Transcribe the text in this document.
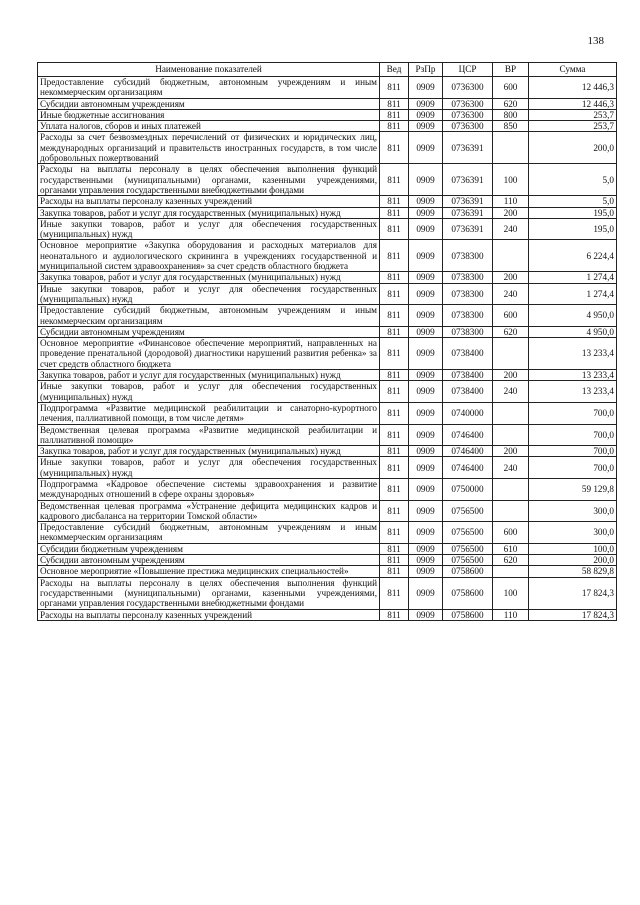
138
Наименование показателей	Вед	РзПр	ЦСР	ВР	Сумма
Предоставление субсидий бюджетным, автономным учреждениям и иным некоммерческим организациям	811	0909	0736300	600	12 446,3
Субсидии автономным учреждениям	811	0909	0736300	620	12 446,3
Иные бюджетные ассигнования	811	0909	0736300	800	253,7
Уплата налогов, сборов и иных платежей	811	0909	0736300	850	253,7
Расходы за счет безвозмездных перечислений от физических и юридических лиц, международных организаций и правительств иностранных государств, в том числе добровольных пожертвований	811	0909	0736391		200,0
Расходы на выплаты персоналу в целях обеспечения выполнения функций государственными (муниципальными) органами, казенными учреждениями, органами управления государственными внебюджетными фондами	811	0909	0736391	100	5,0
Расходы на выплаты персоналу казенных учреждений	811	0909	0736391	110	5,0
Закупка товаров, работ и услуг для государственных (муниципальных) нужд	811	0909	0736391	200	195,0
Иные закупки товаров, работ и услуг для обеспечения государственных (муниципальных) нужд	811	0909	0736391	240	195,0
Основное мероприятие «Закупка оборудования и расходных материалов для неонатального и аудиологического скрининга в учреждениях государственной и муниципальной систем здравоохранения» за счет средств областного бюджета	811	0909	0738300		6 224,4
Закупка товаров, работ и услуг для государственных (муниципальных) нужд	811	0909	0738300	200	1 274,4
Иные закупки товаров, работ и услуг для обеспечения государственных (муниципальных) нужд	811	0909	0738300	240	1 274,4
Предоставление субсидий бюджетным, автономным учреждениям и иным некоммерческим организациям	811	0909	0738300	600	4 950,0
Субсидии автономным учреждениям	811	0909	0738300	620	4 950,0
Основное мероприятие «Финансовое обеспечение мероприятий, направленных на проведение пренатальной (дородовой) диагностики нарушений развития ребенка» за счет средств областного бюджета	811	0909	0738400		13 233,4
Закупка товаров, работ и услуг для государственных (муниципальных) нужд	811	0909	0738400	200	13 233,4
Иные закупки товаров, работ и услуг для обеспечения государственных (муниципальных) нужд	811	0909	0738400	240	13 233,4
Подпрограмма «Развитие медицинской реабилитации и санаторно-курортного лечения, паллиативной помощи, в том числе детям»	811	0909	0740000		700,0
Ведомственная целевая программа «Развитие медицинской реабилитации и паллиативной помощи»	811	0909	0746400		700,0
Закупка товаров, работ и услуг для государственных (муниципальных) нужд	811	0909	0746400	200	700,0
Иные закупки товаров, работ и услуг для обеспечения государственных (муниципальных) нужд	811	0909	0746400	240	700,0
Подпрограмма «Кадровое обеспечение системы здравоохранения и развитие международных отношений в сфере охраны здоровья»	811	0909	0750000		59 129,8
Ведомственная целевая программа «Устранение дефицита медицинских кадров и кадрового дисбаланса на территории Томской области»	811	0909	0756500		300,0
Предоставление субсидий бюджетным, автономным учреждениям и иным некоммерческим организациям	811	0909	0756500	600	300,0
Субсидии бюджетным учреждениям	811	0909	0756500	610	100,0
Субсидии автономным учреждениям	811	0909	0756500	620	200,0
Основное мероприятие «Повышение престижа медицинских специальностей»	811	0909	0758600		58 829,8
Расходы на выплаты персоналу в целях обеспечения выполнения функций государственными (муниципальными) органами, казенными учреждениями, органами управления государственными внебюджетными фондами	811	0909	0758600	100	17 824,3
Расходы на выплаты персоналу казенных учреждений	811	0909	0758600	110	17 824,3
